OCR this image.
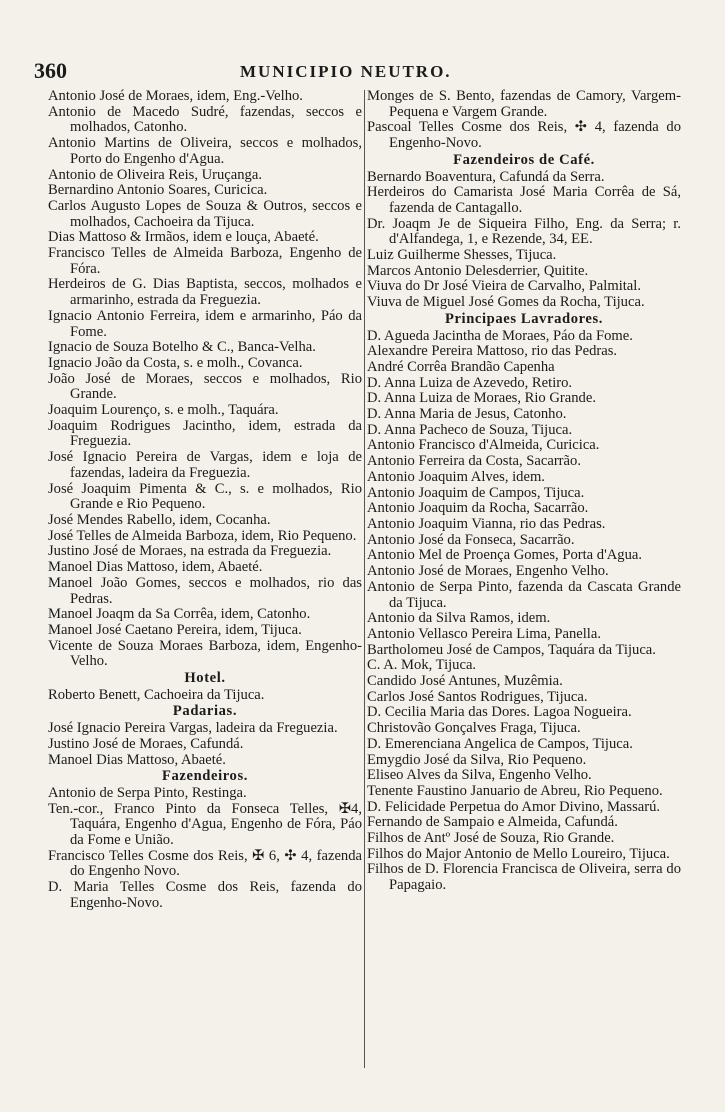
360	MUNICIPIO NEUTRO.
Antonio José de Moraes, idem, Eng.-Velho.
Antonio de Macedo Sudré, fazendas, seccos e molhados, Catonho.
Antonio Martins de Oliveira, seccos e molhados, Porto do Engenho d'Agua.
Antonio de Oliveira Reis, Uruçanga.
Bernardino Antonio Soares, Curicica.
Carlos Augusto Lopes de Souza & Outros, seccos e molhados, Cachoeira da Tijuca.
Dias Mattoso & Irmãos, idem e louça, Abaeté.
Francisco Telles de Almeida Barboza, Engenho de Fóra.
Herdeiros de G. Dias Baptista, seccos, molhados e armarinho, estrada da Freguezia.
Ignacio Antonio Ferreira, idem e armarinho, Páo da Fome.
Ignacio de Souza Botelho & C., Banca-Velha.
Ignacio João da Costa, s. e molh., Covanca.
João José de Moraes, seccos e molhados, Rio Grande.
Joaquim Lourenço, s. e molh., Taquára.
Joaquim Rodrigues Jacintho, idem, estrada da Freguezia.
José Ignacio Pereira de Vargas, idem e loja de fazendas, ladeira da Freguezia.
José Joaquim Pimenta & C., s. e molhados, Rio Grande e Rio Pequeno.
José Mendes Rabello, idem, Cocanha.
José Telles de Almeida Barboza, idem, Rio Pequeno.
Justino José de Moraes, na estrada da Freguezia.
Manoel Dias Mattoso, idem, Abaeté.
Manoel João Gomes, seccos e molhados, rio das Pedras.
Manoel Joaqm da Sa Corrêa, idem, Catonho.
Manoel José Caetano Pereira, idem, Tijuca.
Vicente de Souza Moraes Barboza, idem, Engenho-Velho.
Hotel.
Roberto Benett, Cachoeira da Tijuca.
Padarias.
José Ignacio Pereira Vargas, ladeira da Freguezia.
Justino José de Moraes, Cafundá.
Manoel Dias Mattoso, Abaeté.
Fazendeiros.
Antonio de Serpa Pinto, Restinga.
Ten.-cor., Franco Pinto da Fonseca Telles, ✠4, Taquára, Engenho d'Agua, Engenho de Fóra, Páo da Fome e União.
Francisco Telles Cosme dos Reis, ✠ 6, ✣ 4, fazenda do Engenho Novo.
D. Maria Telles Cosme dos Reis, fazenda do Engenho-Novo.
Monges de S. Bento, fazendas de Camory, Vargem-Pequena e Vargem Grande.
Pascoal Telles Cosme dos Reis, ✣ 4, fazenda do Engenho-Novo.
Fazendeiros de Café.
Bernardo Boaventura, Cafundá da Serra.
Herdeiros do Camarista José Maria Corrêa de Sá, fazenda de Cantagallo.
Dr. Joaqm Je de Siqueira Filho, Eng. da Serra; r. d'Alfandega, 1, e Rezende, 34, EE.
Luiz Guilherme Shesses, Tijuca.
Marcos Antonio Delesderrier, Quitite.
Viuva do Dr José Vieira de Carvalho, Palmital.
Viuva de Miguel José Gomes da Rocha, Tijuca.
Principaes Lavradores.
D. Agueda Jacintha de Moraes, Páo da Fome.
Alexandre Pereira Mattoso, rio das Pedras.
André Corrêa Brandão Capenha
D. Anna Luiza de Azevedo, Retiro.
D. Anna Luiza de Moraes, Rio Grande.
D. Anna Maria de Jesus, Catonho.
D. Anna Pacheco de Souza, Tijuca.
Antonio Francisco d'Almeida, Curicica.
Antonio Ferreira da Costa, Sacarrão.
Antonio Joaquim Alves, idem.
Antonio Joaquim de Campos, Tijuca.
Antonio Joaquim da Rocha, Sacarrão.
Antonio Joaquim Vianna, rio das Pedras.
Antonio José da Fonseca, Sacarrão.
Antonio Mel de Proença Gomes, Porta d'Agua.
Antonio José de Moraes, Engenho Velho.
Antonio de Serpa Pinto, fazenda da Cascata Grande da Tijuca.
Antonio da Silva Ramos, idem.
Antonio Vellasco Pereira Lima, Panella.
Bartholomeu José de Campos, Taquára da Tijuca.
C. A. Mok, Tijuca.
Candido José Antunes, Muzêmia.
Carlos José Santos Rodrigues, Tijuca.
D. Cecilia Maria das Dores. Lagoa Nogueira.
Christovão Gonçalves Fraga, Tijuca.
D. Emerenciana Angelica de Campos, Tijuca.
Emygdio José da Silva, Rio Pequeno.
Eliseo Alves da Silva, Engenho Velho.
Tenente Faustino Januario de Abreu, Rio Pequeno.
D. Felicidade Perpetua do Amor Divino, Massarú.
Fernando de Sampaio e Almeida, Cafundá.
Filhos de Antº José de Souza, Rio Grande.
Filhos do Major Antonio de Mello Loureiro, Tijuca.
Filhos de D. Florencia Francisca de Oliveira, serra do Papagaio.
